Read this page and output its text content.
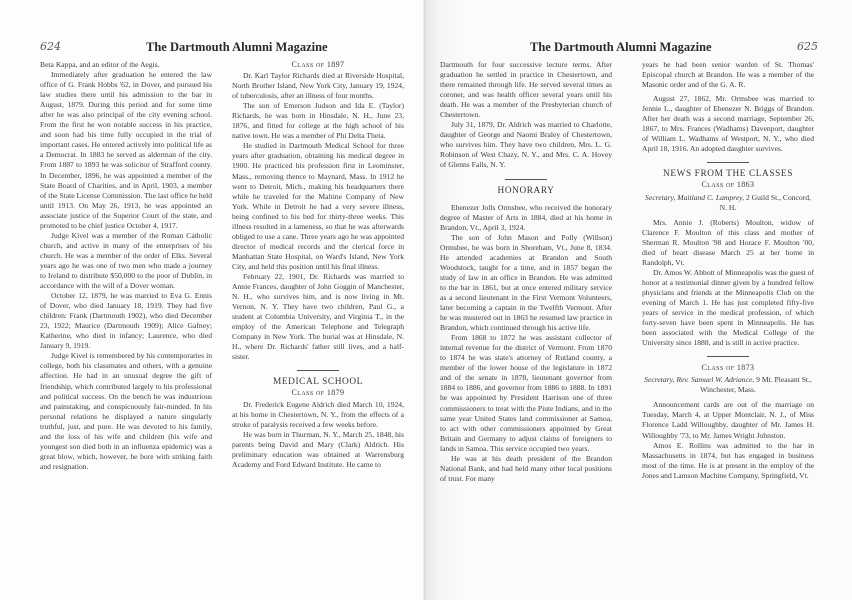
624	The Dartmouth Alumni Magazine

Beta Kappa, and an editor of the Aegis.

Immediately after graduation he entered the law office of G. Frank Hobbs '62, in Dover, and pursued his law studies there until his admission to the bar in August, 1879. During this period and for some time after he was also principal of the city evening school. From the first he won notable success in his practice, and soon had his time fully occupied in the trial of important cases. He entered actively into political life as a Democrat. In 1883 he served as alderman of the city. From 1887 to 1893 he was solicitor of Strafford county. In December, 1896, he was appointed a member of the State Board of Charities, and in April, 1903, a member of the State License Commission. The last office he held until 1913. On May 26, 1913, he was appointed an associate justice of the Superior Court of the state, and promoted to be chief justice October 4, 1917.

Judge Kivel was a member of the Roman Catholic church, and active in many of the enterprises of his church. He was a member of the order of Elks. Several years ago he was one of two men who made a journey to Ireland to distribute $50,000 to the poor of Dublin, in accordance with the will of a Dover woman.

October 12, 1879, he was married to Eva G. Ennis of Dover, who died January 18, 1919. They had five children: Frank (Dartmouth 1902), who died December 23, 1922; Maurice (Dartmouth 1909); Alice Gafney; Katherine, who died in infancy; Laurence, who died January 9, 1919.

Judge Kivel is remembered by his contemporaries in college, both his classmates and others, with a genuine affection. He had in an unusual degree the gift of friendship, which contributed largely to his professional and political success. On the bench he was industrious and painstaking, and conspicuously fair-minded. In his personal relations he displayed a nature singularly truthful, just, and pure. He was devoted to his family, and the loss of his wife and children (his wife and youngest son died both in an influenza epidemic) was a great blow, which, however, he bore with striking faith and resignation.

Class of 1897

Dr. Karl Taylor Richards died at Riverside Hospital, North Brother Island, New York City, January 19, 1924, of tuberculosis, after an illness of four months.

The son of Emerson Judson and Ida E. (Taylor) Richards, he was born in Hinsdale, N. H., June 23, 1876, and fitted for college at the high school of his native town. He was a member of Phi Delta Theta.

He studied in Dartmouth Medical School for three years after graduation, obtaining his medical degree in 1900. He practiced his profession first in Leominster, Mass., removing thence to Maynard, Mass. In 1912 he went to Detroit, Mich., making his headquarters there while he traveled for the Maltine Company of New York. While in Detroit he had a very severe illness, being confined to his bed for thirty-three weeks. This illness resulted in a lameness, so that he was afterwards obliged to use a cane. Three years ago he was appointed director of medical records and the clerical force in Manhattan State Hospital, on Ward's Island, New York City, and held this position until his final illness.

February 22, 1901, Dr. Richards was married to Annie Frances, daughter of John Goggin of Manchester, N. H., who survives him, and is now living in Mt. Vernon, N. Y. They have two children, Paul G., a student at Columbia University, and Virginia T., in the employ of the American Telephone and Telegraph Company in New York. The burial was at Hinsdale, N. H., where Dr. Richards' father still lives, and a half-sister.

MEDICAL SCHOOL
Class of 1879

Dr. Frederick Eugene Aldrich died March 10, 1924, at his home in Chestertown, N. Y., from the effects of a stroke of paralysis received a few weeks before.

He was born in Thurman, N. Y., March 25, 1848, his parents being David and Mary (Clark) Aldrich. His preliminary education was obtained at Warrensburg Academy and Ford Edward Institute. He came to

The Dartmouth Alumni Magazine	625

Dartmouth for four successive lecture terms. After graduation he settled in practice in Chestertown, and there remained through life. He served several times as coroner, and was health officer several years until his death. He was a member of the Presbyterian church of Chestertown.

July 31, 1879, Dr. Aldrich was married to Charlotte, daughter of George and Naomi Braley of Chestertown, who survives him. They have two children, Mrs. L. G. Robinson of West Chazy, N. Y., and Mrs. C. A. Hovey of Glenns Falls, N. Y.

HONORARY

Ebenezer Jolls Ormsbee, who received the honorary degree of Master of Arts in 1884, died at his home in Brandon, Vt., April 3, 1924.

The son of John Mason and Polly (Willson) Ormsbee, he was born in Shoreham, Vt., June 8, 1834. He attended academies at Brandon and South Woodstock, taught for a time, and in 1857 began the study of law in an office in Brandon. He was admitted to the bar in 1861, but at once entered military service as a second lieutenant in the First Vermont Volunteers, later becoming a captain in the Twelfth Vermont. After he was mustered out in 1863 he resumed law practice in Brandon, which continued through his active life.

From 1868 to 1872 he was assistant collector of internal revenue for the district of Vermont. From 1870 to 1874 he was state's attorney of Rutland county, a member of the lower house of the legislature in 1872 and of the senate in 1878, lieutenant governor from 1884 to 1886, and governor from 1886 to 1888. In 1891 he was appointed by President Harrison one of three commissioners to treat with the Piute Indians, and in the same year United States land commissioner at Samoa, to act with other commissioners appointed by Great Britain and Germany to adjust claims of foreigners to lands in Samoa. This service occupied two years.

He was at his death president of the Brandon National Bank, and had held many other local positions of trust. For many

years he had been senior warden of St. Thomas' Episcopal church at Brandon. He was a member of the Masonic order and of the G. A. R.

August 27, 1862, Mr. Ormsbee was married to Jennie L., daughter of Ebenezer N. Briggs of Brandon. After her death was a second marriage, September 26, 1867, to Mrs. Frances (Wadhams) Davenport, daughter of William L. Wadhams of Westport, N. Y., who died April 18, 1916. An adopted daughter survives.

NEWS FROM THE CLASSES
Class of 1863
Secretary, Maitland C. Lamprey, 2 Guild St., Concord, N. H.

Mrs. Annie J. (Roberts) Moulton, widow of Clarence F. Moulton of this class and mother of Sherman R. Moulton '98 and Horace F. Moulton '00, died of heart disease March 25 at her home in Randolph, Vt.

Dr. Amos W. Abbott of Minneapolis was the guest of honor at a testimonial dinner given by a hundred fellow physicians and friends at the Minneapolis Club on the evening of March 1. He has just completed fifty-five years of service in the medical profession, of which forty-seven have been spent in Minneapolis. He has been associated with the Medical College of the University since 1888, and is still in active practice.

Class of 1873
Secretary, Rev. Samuel W. Adriance, 9 Mt. Pleasant St., Winchester, Mass.

Announcement cards are out of the marriage on Tuesday, March 4, at Upper Montclair, N. J., of Miss Florence Ladd Willoughby, daughter of Mr. James H. Willoughby '73, to Mr. James Wright Johnston.

Amos E. Rollins was admitted to the bar in Massachusetts in 1874, but has engaged in business most of the time. He is at present in the employ of the Jones and Lamson Machine Company, Springfield, Vt.
